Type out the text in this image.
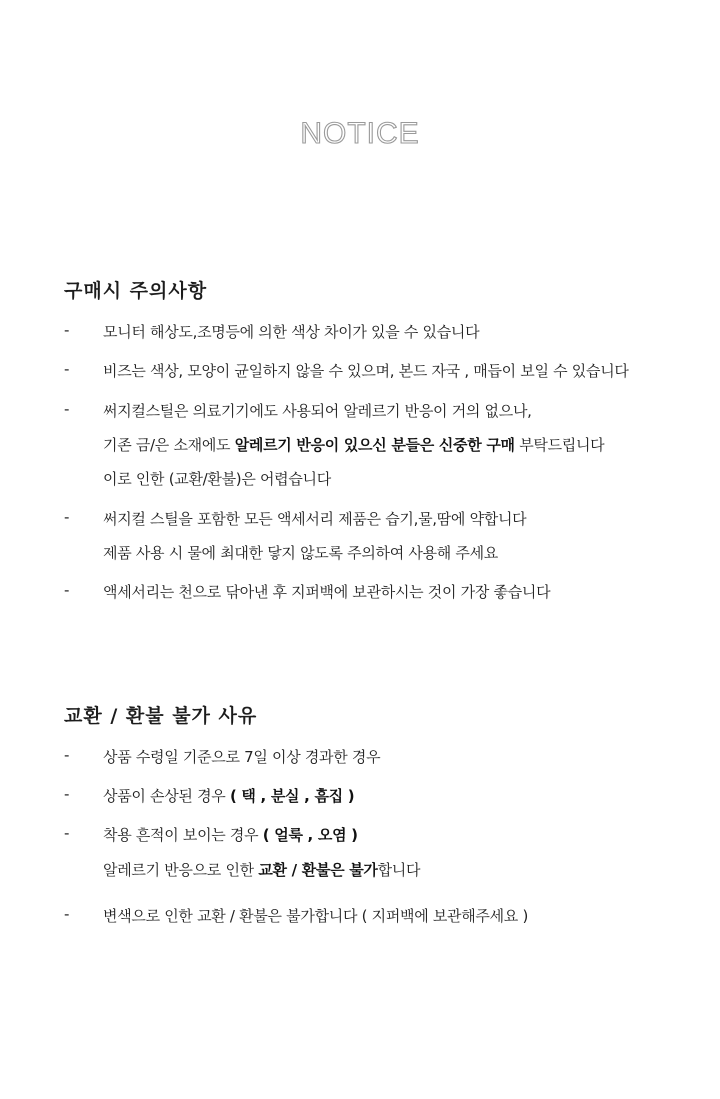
NOTICE
구매시 주의사항
- 모니터 해상도,조명등에 의한 색상 차이가 있을 수 있습니다
- 비즈는 색상, 모양이 균일하지 않을 수 있으며, 본드 자국 , 매듭이 보일 수 있습니다
- 써지컬스틸은 의료기기에도 사용되어 알레르기 반응이 거의 없으나,
기존 금/은 소재에도 알레르기 반응이 있으신 분들은 신중한 구매 부탁드립니다
이로 인한 (교환/환불)은 어렵습니다
- 써지컬 스틸을 포함한 모든 액세서리 제품은 습기,물,땀에 약합니다
제품 사용 시 물에 최대한 닿지 않도록 주의하여 사용해 주세요
- 액세서리는 천으로 닦아낸 후 지퍼백에 보관하시는 것이 가장 좋습니다
교환 / 환불 불가 사유
- 상품 수령일 기준으로 7일 이상 경과한 경우
- 상품이 손상된 경우 ( 택 , 분실 , 흠집 )
- 착용 흔적이 보이는 경우 ( 얼룩 , 오염 )
알레르기 반응으로 인한 교환 / 환불은 불가합니다
- 변색으로 인한 교환 / 환불은 불가합니다 ( 지퍼백에 보관해주세요 )
